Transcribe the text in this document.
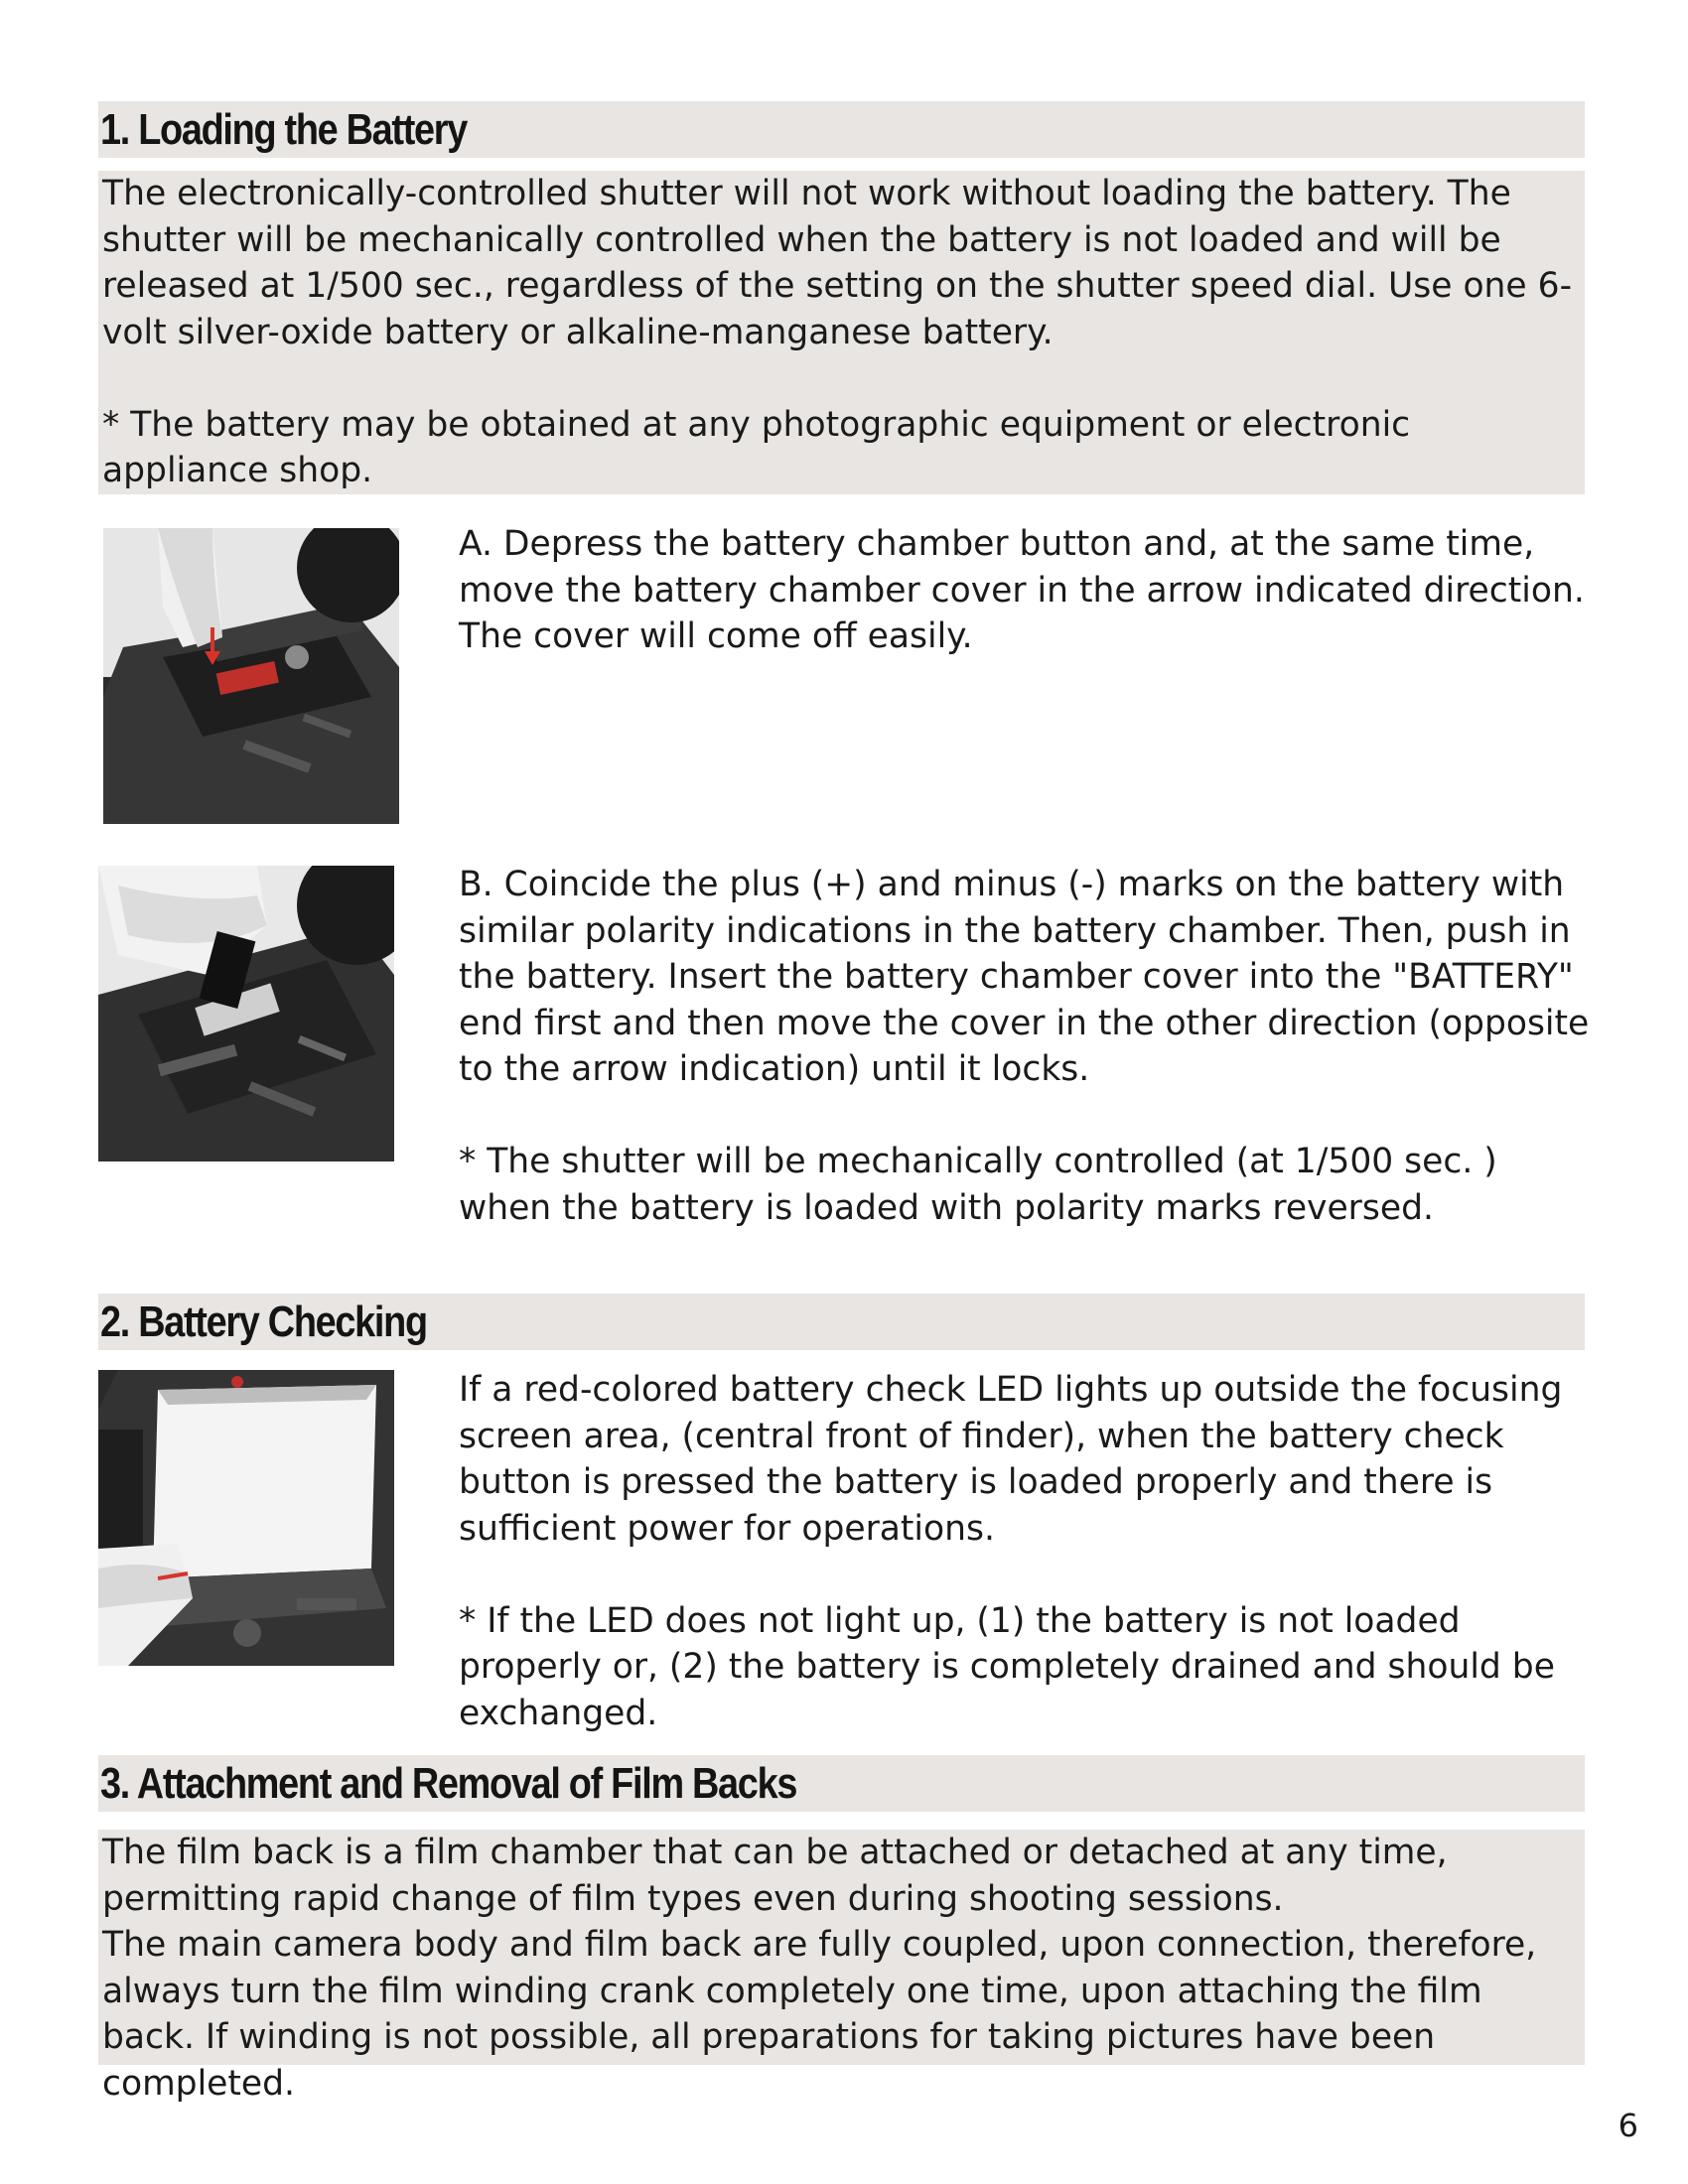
1. Loading the Battery

The electronically-controlled shutter will not work without loading the battery. The shutter will be mechanically controlled when the battery is not loaded and will be released at 1/500 sec., regardless of the setting on the shutter speed dial. Use one 6-volt silver-oxide battery or alkaline-manganese battery.

* The battery may be obtained at any photographic equipment or electronic appliance shop.

A. Depress the battery chamber button and, at the same time, move the battery chamber cover in the arrow indicated direction. The cover will come off easily.

B. Coincide the plus (+) and minus (-) marks on the battery with similar polarity indications in the battery chamber. Then, push in the battery. Insert the battery chamber cover into the "BATTERY" end first and then move the cover in the other direction (opposite to the arrow indication) until it locks.

* The shutter will be mechanically controlled (at 1/500 sec. ) when the battery is loaded with polarity marks reversed.

2. Battery Checking

If a red-colored battery check LED lights up outside the focusing screen area, (central front of finder), when the battery check button is pressed the battery is loaded properly and there is sufficient power for operations.

* If the LED does not light up, (1) the battery is not loaded properly or, (2) the battery is completely drained and should be exchanged.

3. Attachment and Removal of Film Backs

The film back is a film chamber that can be attached or detached at any time, permitting rapid change of film types even during shooting sessions.

The main camera body and film back are fully coupled, upon connection, therefore, always turn the film winding crank completely one time, upon attaching the film back. If winding is not possible, all preparations for taking pictures have been completed.

6
